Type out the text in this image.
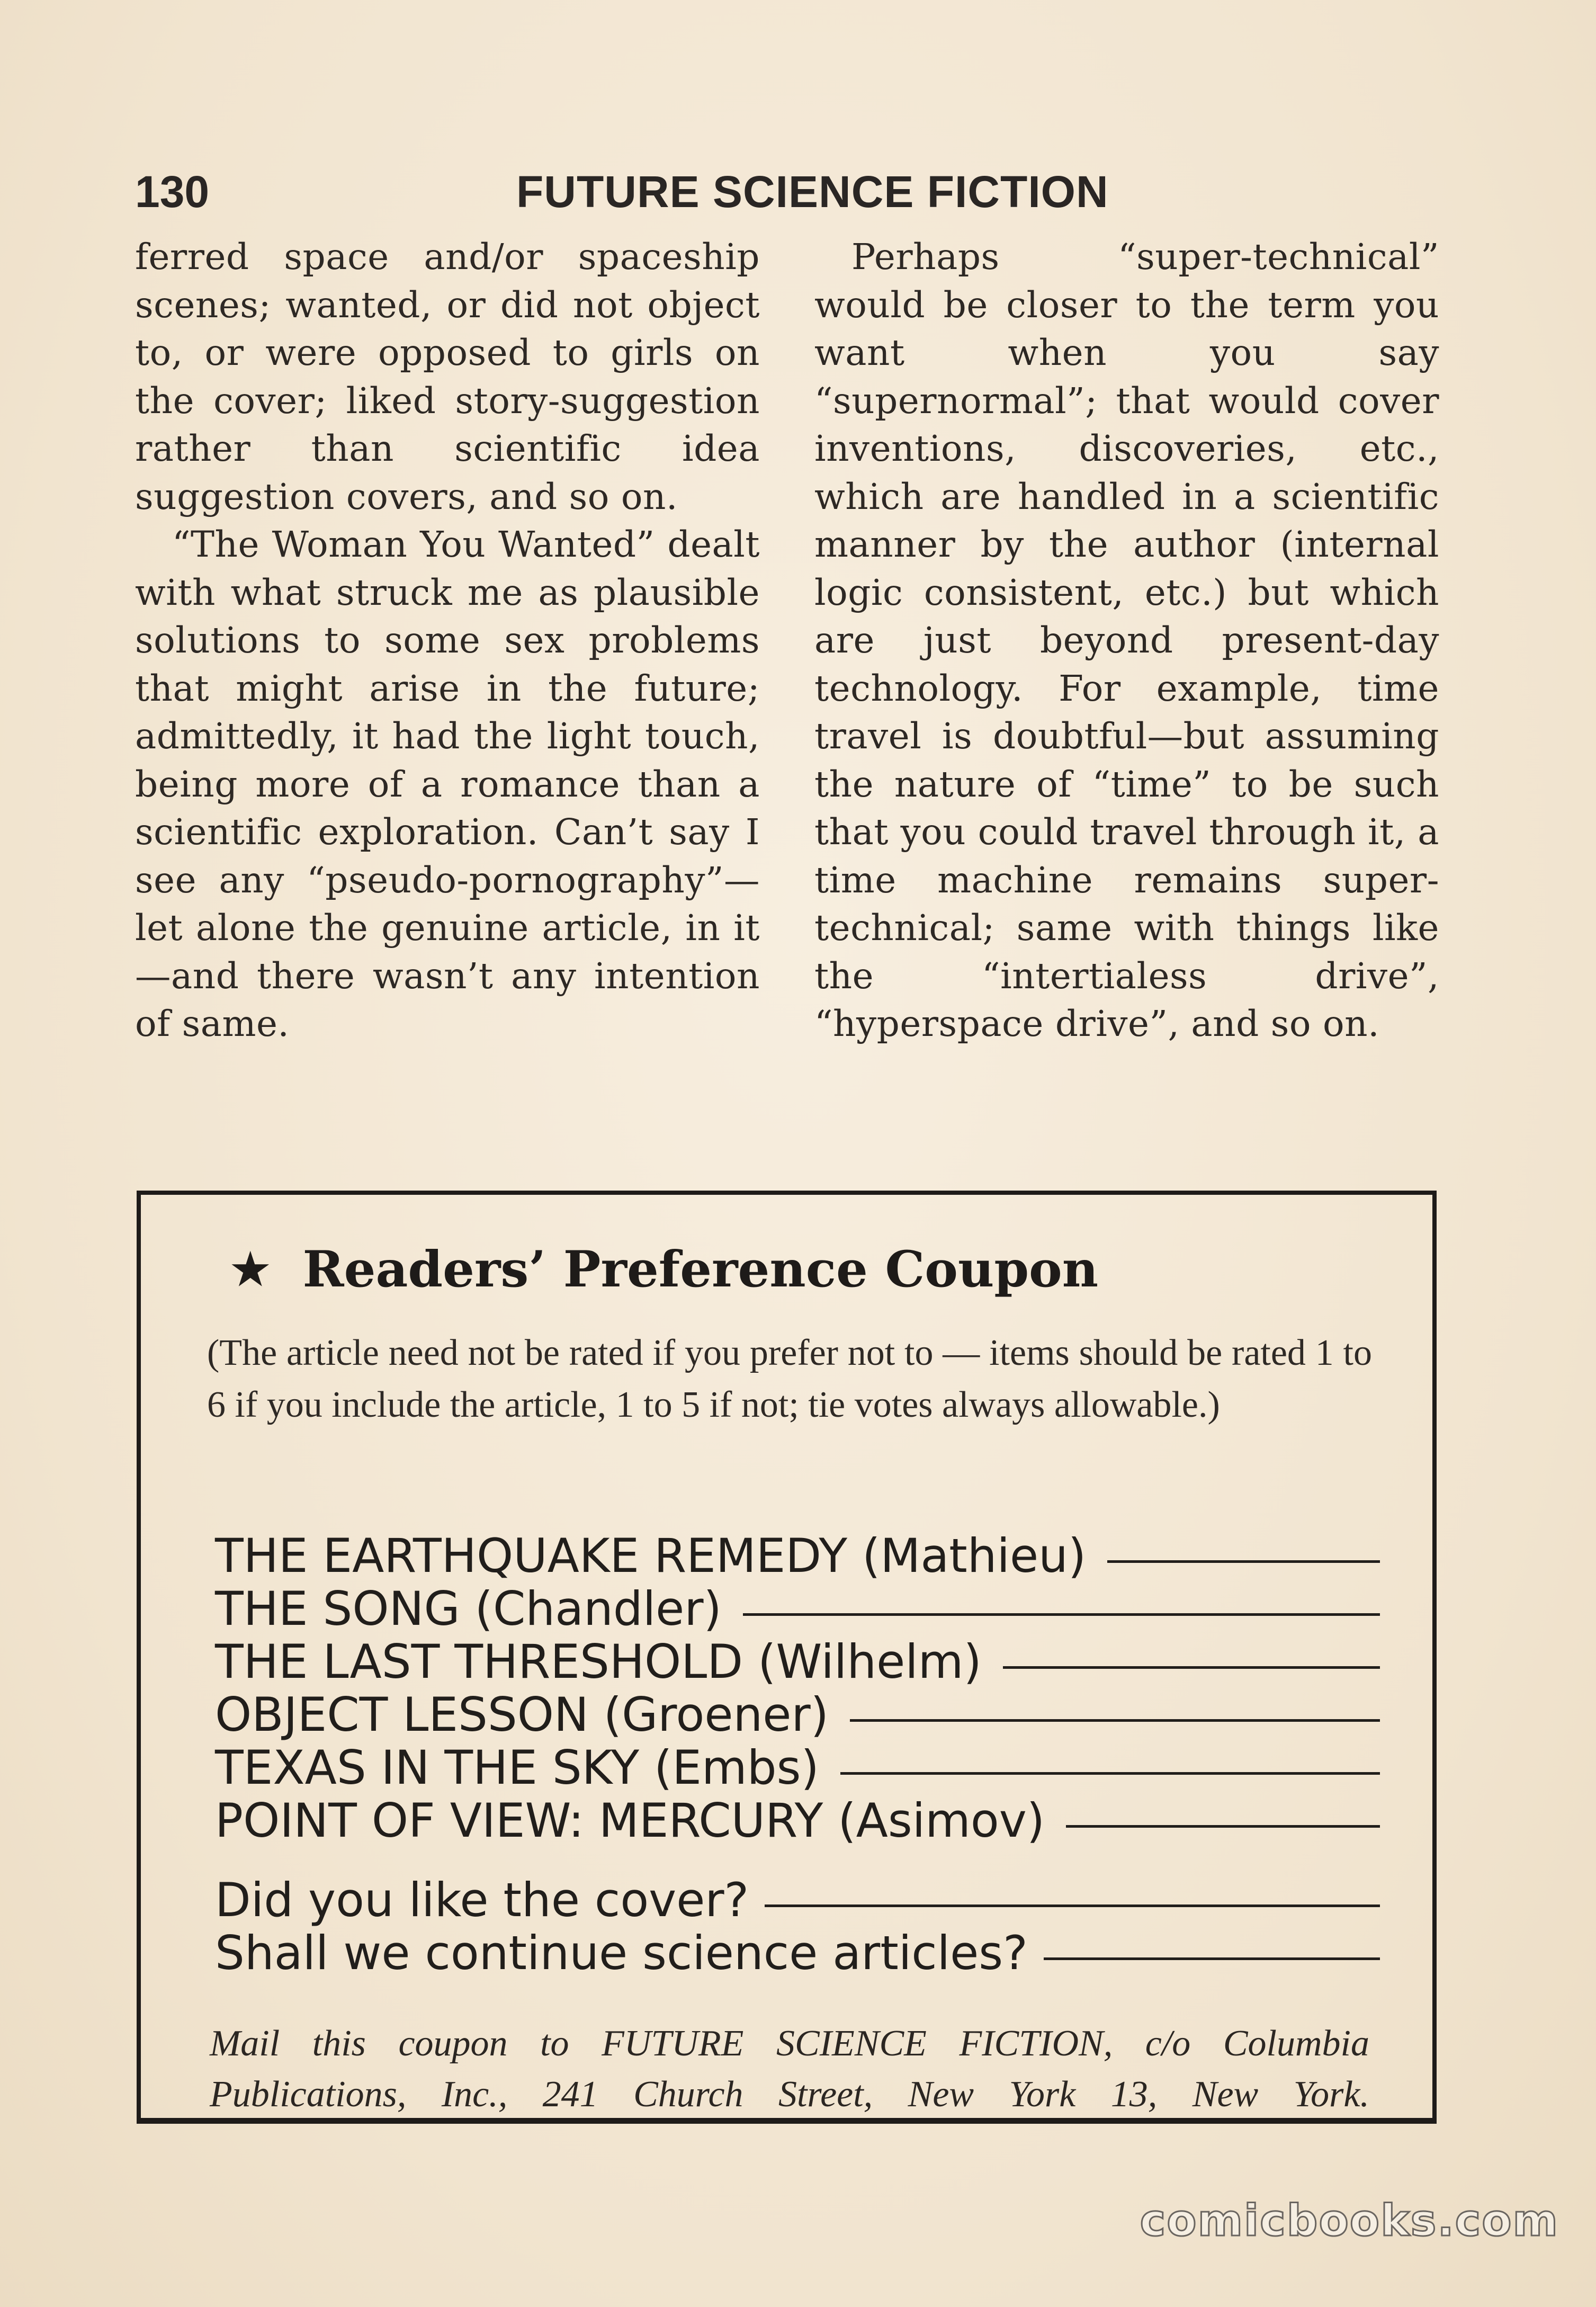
130	FUTURE SCIENCE FICTION

ferred space and/or spaceship scenes; wanted, or did not object to, or were opposed to girls on the cover; liked story-suggestion rather than scientific idea suggestion covers, and so on.

“The Woman You Wanted” dealt with what struck me as plausible solutions to some sex problems that might arise in the future; admittedly, it had the light touch, being more of a romance than a scientific exploration. Can’t say I see any “pseudo-pornography”—let alone the genuine article, in it—and there wasn’t any intention of same.

Perhaps “super-technical” would be closer to the term you want when you say “supernormal”; that would cover inventions, discoveries, etc., which are handled in a scientific manner by the author (internal logic consistent, etc.) but which are just beyond present-day technology. For example, time travel is doubtful—but assuming the nature of “time” to be such that you could travel through it, a time machine remains super-technical; same with things like the “intertialess drive”, “hyperspace drive”, and so on.

★ Readers’ Preference Coupon

(The article need not be rated if you prefer not to — items should be rated 1 to 6 if you include the article, 1 to 5 if not; tie votes always allowable.)

THE EARTHQUAKE REMEDY (Mathieu)
THE SONG (Chandler)
THE LAST THRESHOLD (Wilhelm)
OBJECT LESSON (Groener)
TEXAS IN THE SKY (Embs)
POINT OF VIEW: MERCURY (Asimov)
Did you like the cover?
Shall we continue science articles?
Mail this coupon to FUTURE SCIENCE FICTION, c/o Columbia
Publications, Inc., 241 Church Street, New York 13, New York.
comicbooks.com
